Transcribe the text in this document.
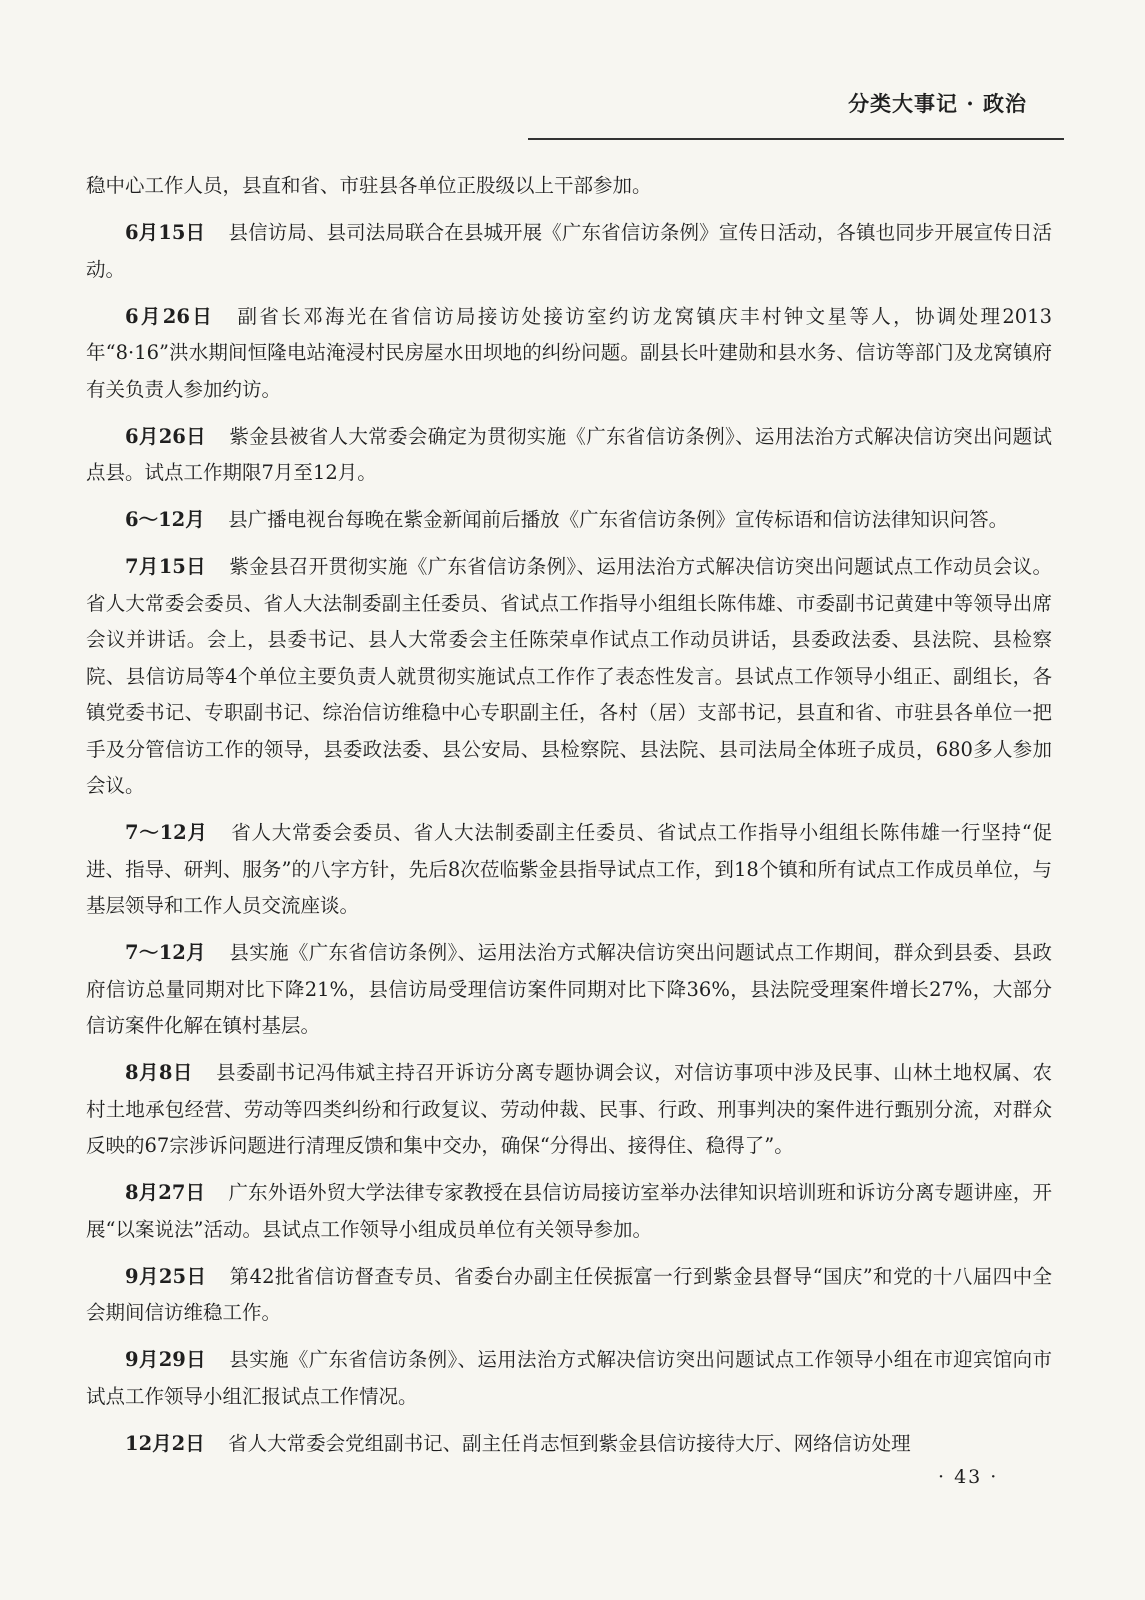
分类大事记 · 政治

稳中心工作人员，县直和省、市驻县各单位正股级以上干部参加。

6月15日 县信访局、县司法局联合在县城开展《广东省信访条例》宣传日活动，各镇也同步开展宣传日活动。

6月26日 副省长邓海光在省信访局接访处接访室约访龙窝镇庆丰村钟文星等人，协调处理2013年“8·16”洪水期间恒隆电站淹浸村民房屋水田坝地的纠纷问题。副县长叶建勋和县水务、信访等部门及龙窝镇府有关负责人参加约访。

6月26日 紫金县被省人大常委会确定为贯彻实施《广东省信访条例》、运用法治方式解决信访突出问题试点县。试点工作期限7月至12月。

6～12月 县广播电视台每晚在紫金新闻前后播放《广东省信访条例》宣传标语和信访法律知识问答。

7月15日 紫金县召开贯彻实施《广东省信访条例》、运用法治方式解决信访突出问题试点工作动员会议。省人大常委会委员、省人大法制委副主任委员、省试点工作指导小组组长陈伟雄、市委副书记黄建中等领导出席会议并讲话。会上，县委书记、县人大常委会主任陈荣卓作试点工作动员讲话，县委政法委、县法院、县检察院、县信访局等4个单位主要负责人就贯彻实施试点工作作了表态性发言。县试点工作领导小组正、副组长，各镇党委书记、专职副书记、综治信访维稳中心专职副主任，各村（居）支部书记，县直和省、市驻县各单位一把手及分管信访工作的领导，县委政法委、县公安局、县检察院、县法院、县司法局全体班子成员，680多人参加会议。

7～12月 省人大常委会委员、省人大法制委副主任委员、省试点工作指导小组组长陈伟雄一行坚持“促进、指导、研判、服务”的八字方针，先后8次莅临紫金县指导试点工作，到18个镇和所有试点工作成员单位，与基层领导和工作人员交流座谈。

7～12月 县实施《广东省信访条例》、运用法治方式解决信访突出问题试点工作期间，群众到县委、县政府信访总量同期对比下降21%，县信访局受理信访案件同期对比下降36%，县法院受理案件增长27%，大部分信访案件化解在镇村基层。

8月8日 县委副书记冯伟斌主持召开诉访分离专题协调会议，对信访事项中涉及民事、山林土地权属、农村土地承包经营、劳动等四类纠纷和行政复议、劳动仲裁、民事、行政、刑事判决的案件进行甄别分流，对群众反映的67宗涉诉问题进行清理反馈和集中交办，确保“分得出、接得住、稳得了”。

8月27日 广东外语外贸大学法律专家教授在县信访局接访室举办法律知识培训班和诉访分离专题讲座，开展“以案说法”活动。县试点工作领导小组成员单位有关领导参加。

9月25日 第42批省信访督查专员、省委台办副主任侯振富一行到紫金县督导“国庆”和党的十八届四中全会期间信访维稳工作。

9月29日 县实施《广东省信访条例》、运用法治方式解决信访突出问题试点工作领导小组在市迎宾馆向市试点工作领导小组汇报试点工作情况。

12月2日 省人大常委会党组副书记、副主任肖志恒到紫金县信访接待大厅、网络信访处理

· 43 ·
